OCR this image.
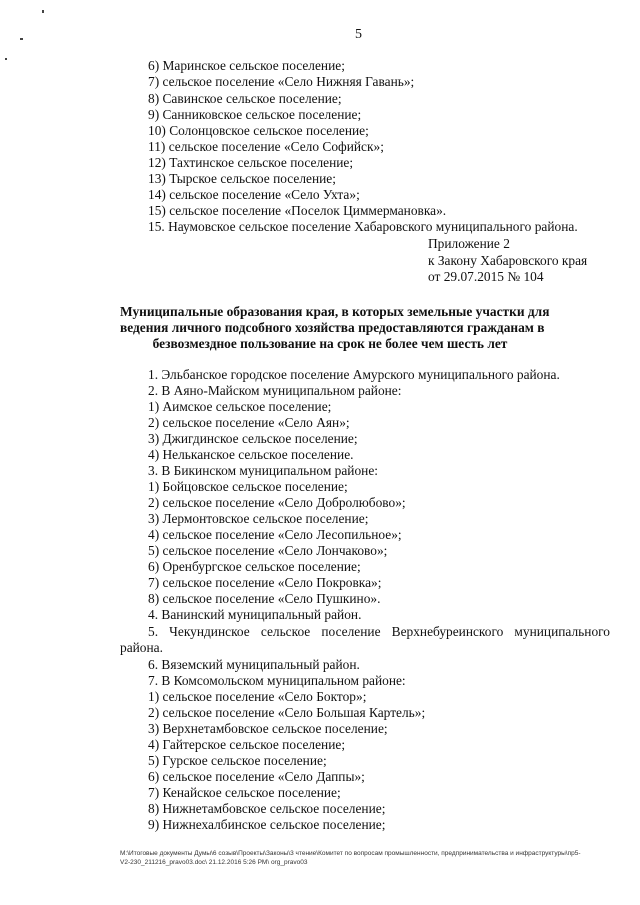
5
6) Маринское сельское поселение;
7) сельское поселение «Село Нижняя Гавань»;
8) Савинское сельское поселение;
9) Санниковское сельское поселение;
10) Солонцовское сельское поселение;
11) сельское поселение «Село Софийск»;
12) Тахтинское сельское поселение;
13) Тырское сельское поселение;
14) сельское поселение «Село Ухта»;
15) сельское поселение «Поселок Циммермановка».
15. Наумовское сельское поселение Хабаровского муниципального района.
Приложение 2
к Закону Хабаровского края
от 29.07.2015 № 104
Муниципальные образования края, в которых земельные участки для
ведения личного подсобного хозяйства предоставляются гражданам в
безвозмездное пользование на срок не более чем шесть лет
1. Эльбанское городское поселение Амурского муниципального района.
2. В Аяно-Майском муниципальном районе:
1) Аимское сельское поселение;
2) сельское поселение «Село Аян»;
3) Джигдинское сельское поселение;
4) Нельканское сельское поселение.
3. В Бикинском муниципальном районе:
1) Бойцовское сельское поселение;
2) сельское поселение «Село Добролюбово»;
3) Лермонтовское сельское поселение;
4) сельское поселение «Село Лесопильное»;
5) сельское поселение «Село Лончаково»;
6) Оренбургское сельское поселение;
7) сельское поселение «Село Покровка»;
8) сельское поселение «Село Пушкино».
4. Ванинский муниципальный район.
5. Чекундинское сельское поселение Верхнебуреинского муниципального
района.
6. Вяземский муниципальный район.
7. В Комсомольском муниципальном районе:
1) сельское поселение «Село Боктор»;
2) сельское поселение «Село Большая Картель»;
3) Верхнетамбовское сельское поселение;
4) Гайтерское сельское поселение;
5) Гурское сельское поселение;
6) сельское поселение «Село Даппы»;
7) Кенайское сельское поселение;
8) Нижнетамбовское сельское поселение;
9) Нижнехалбинское сельское поселение;
M:\Итоговые документы Думы\6 созыв\Проекты\Законы\3 чтение\Комитет по вопросам промышленности, предпринимательства и инфраструктуры\пр5-
V2-230_211216_pravo03.doc\ 21.12.2016 5:26 PM\ org_pravo03
